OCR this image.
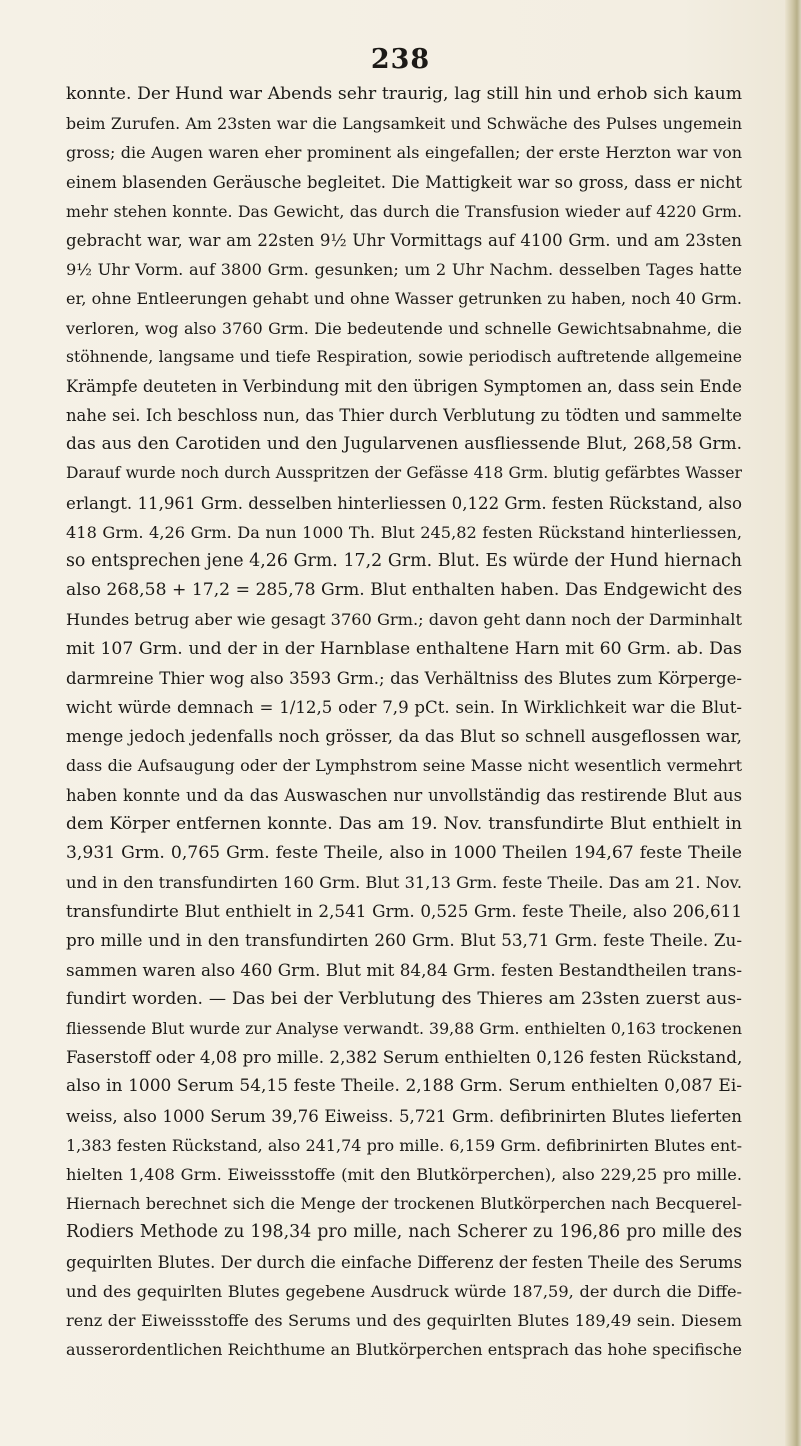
238
konnte. Der Hund war Abends sehr traurig, lag still hin und erhob sich kaum
beim Zurufen. Am 23sten war die Langsamkeit und Schwäche des Pulses ungemein
gross; die Augen waren eher prominent als eingefallen; der erste Herzton war von
einem blasenden Geräusche begleitet. Die Mattigkeit war so gross, dass er nicht
mehr stehen konnte. Das Gewicht, das durch die Transfusion wieder auf 4220 Grm.
gebracht war, war am 22sten 9½ Uhr Vormittags auf 4100 Grm. und am 23sten
9½ Uhr Vorm. auf 3800 Grm. gesunken; um 2 Uhr Nachm. desselben Tages hatte
er, ohne Entleerungen gehabt und ohne Wasser getrunken zu haben, noch 40 Grm.
verloren, wog also 3760 Grm. Die bedeutende und schnelle Gewichtsabnahme, die
stöhnende, langsame und tiefe Respiration, sowie periodisch auftretende allgemeine
Krämpfe deuteten in Verbindung mit den übrigen Symptomen an, dass sein Ende
nahe sei. Ich beschloss nun, das Thier durch Verblutung zu tödten und sammelte
das aus den Carotiden und den Jugularvenen ausfliessende Blut, 268,58 Grm.
Darauf wurde noch durch Ausspritzen der Gefässe 418 Grm. blutig gefärbtes Wasser
erlangt. 11,961 Grm. desselben hinterliessen 0,122 Grm. festen Rückstand, also
418 Grm. 4,26 Grm. Da nun 1000 Th. Blut 245,82 festen Rückstand hinterliessen,
so entsprechen jene 4,26 Grm. 17,2 Grm. Blut. Es würde der Hund hiernach
also 268,58 + 17,2 = 285,78 Grm. Blut enthalten haben. Das Endgewicht des
Hundes betrug aber wie gesagt 3760 Grm.; davon geht dann noch der Darminhalt
mit 107 Grm. und der in der Harnblase enthaltene Harn mit 60 Grm. ab. Das
darmreine Thier wog also 3593 Grm.; das Verhältniss des Blutes zum Körperge-
wicht würde demnach = 1/12,5 oder 7,9 pCt. sein. In Wirklichkeit war die Blut-
menge jedoch jedenfalls noch grösser, da das Blut so schnell ausgeflossen war,
dass die Aufsaugung oder der Lymphstrom seine Masse nicht wesentlich vermehrt
haben konnte und da das Auswaschen nur unvollständig das restirende Blut aus
dem Körper entfernen konnte. Das am 19. Nov. transfundirte Blut enthielt in
3,931 Grm. 0,765 Grm. feste Theile, also in 1000 Theilen 194,67 feste Theile
und in den transfundirten 160 Grm. Blut 31,13 Grm. feste Theile. Das am 21. Nov.
transfundirte Blut enthielt in 2,541 Grm. 0,525 Grm. feste Theile, also 206,611
pro mille und in den transfundirten 260 Grm. Blut 53,71 Grm. feste Theile. Zu-
sammen waren also 460 Grm. Blut mit 84,84 Grm. festen Bestandtheilen trans-
fundirt worden. — Das bei der Verblutung des Thieres am 23sten zuerst aus-
fliessende Blut wurde zur Analyse verwandt. 39,88 Grm. enthielten 0,163 trockenen
Faserstoff oder 4,08 pro mille. 2,382 Serum enthielten 0,126 festen Rückstand,
also in 1000 Serum 54,15 feste Theile. 2,188 Grm. Serum enthielten 0,087 Ei-
weiss, also 1000 Serum 39,76 Eiweiss. 5,721 Grm. defibrinirten Blutes lieferten
1,383 festen Rückstand, also 241,74 pro mille. 6,159 Grm. defibrinirten Blutes ent-
hielten 1,408 Grm. Eiweissstoffe (mit den Blutkörperchen), also 229,25 pro mille.
Hiernach berechnet sich die Menge der trockenen Blutkörperchen nach Becquerel-
Rodiers Methode zu 198,34 pro mille, nach Scherer zu 196,86 pro mille des
gequirlten Blutes. Der durch die einfache Differenz der festen Theile des Serums
und des gequirlten Blutes gegebene Ausdruck würde 187,59, der durch die Diffe-
renz der Eiweissstoffe des Serums und des gequirlten Blutes 189,49 sein. Diesem
ausserordentlichen Reichthume an Blutkörperchen entsprach das hohe specifische
